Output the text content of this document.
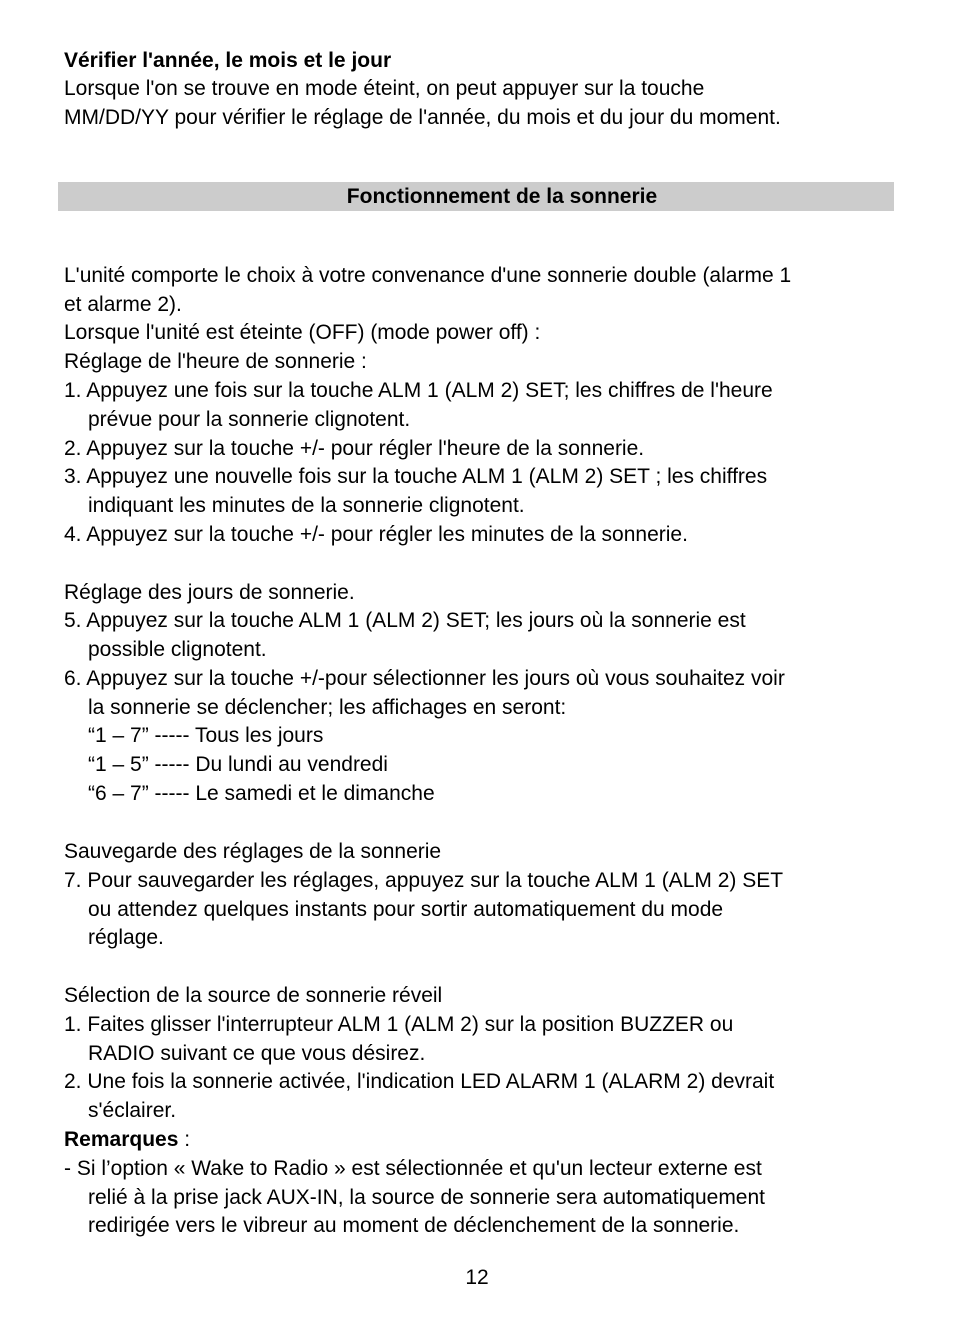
Vérifier l'année, le mois et le jour

Lorsque l'on se trouve en mode éteint, on peut appuyer sur la touche

MM/DD/YY pour vérifier le réglage de l'année, du mois et du jour du moment.

Fonctionnement de la sonnerie

L'unité comporte le choix à votre convenance d'une sonnerie double (alarme 1

et alarme 2).

Lorsque l'unité est éteinte (OFF) (mode power off) :

Réglage de l'heure de sonnerie :

1. Appuyez une fois sur la touche ALM 1 (ALM 2) SET; les chiffres de l'heure

prévue pour la sonnerie clignotent.

2. Appuyez sur la touche +/- pour régler l'heure de la sonnerie.

3. Appuyez une nouvelle fois sur la touche ALM 1 (ALM 2) SET ; les chiffres

indiquant les minutes de la sonnerie clignotent.

4. Appuyez sur la touche +/- pour régler les minutes de la sonnerie.

Réglage des jours de sonnerie.

5. Appuyez sur la touche ALM 1 (ALM 2) SET; les jours où la sonnerie est

possible clignotent.

6. Appuyez sur la touche +/-pour sélectionner les jours où vous souhaitez voir

la sonnerie se déclencher; les affichages en seront:

“1 – 7” ----- Tous les jours

“1 – 5” ----- Du lundi au vendredi

“6 – 7” ----- Le samedi et le dimanche

Sauvegarde des réglages de la sonnerie

7. Pour sauvegarder les réglages, appuyez sur la touche ALM 1 (ALM 2) SET

ou attendez quelques instants pour sortir automatiquement du mode

réglage.

Sélection de la source de sonnerie réveil

1. Faites glisser l'interrupteur ALM 1 (ALM 2) sur la position BUZZER ou

RADIO suivant ce que vous désirez.

2. Une fois la sonnerie activée, l'indication LED ALARM 1 (ALARM 2) devrait

s'éclairer.

Remarques :

- Si l’option « Wake to Radio » est sélectionnée et qu'un lecteur externe est

relié à la prise jack AUX-IN, la source de sonnerie sera automatiquement

redirigée vers le vibreur au moment de déclenchement de la sonnerie.

12
